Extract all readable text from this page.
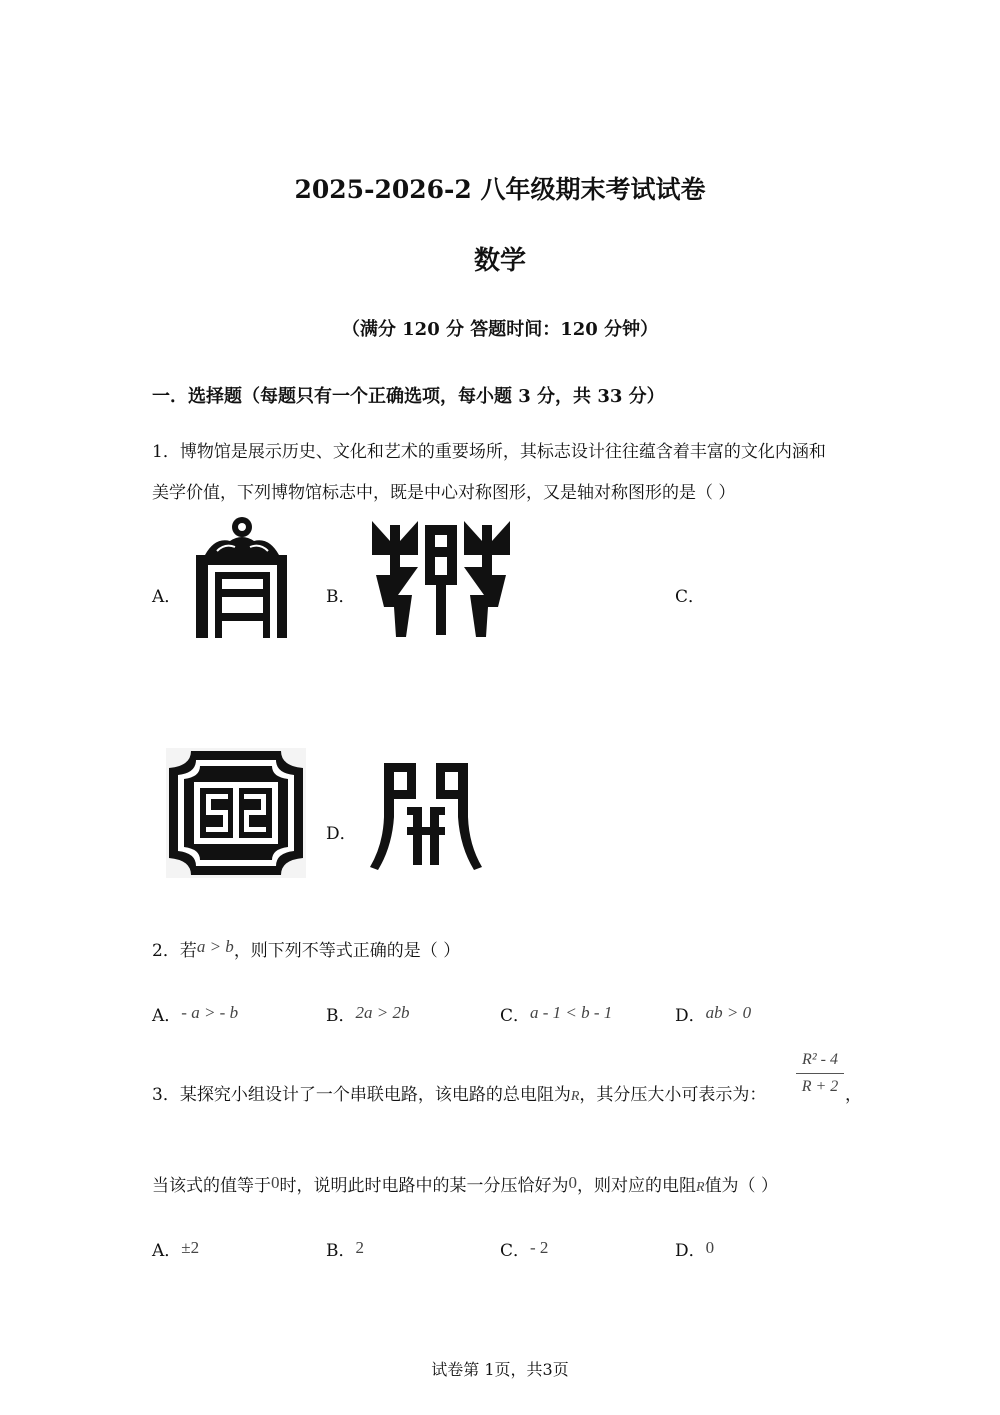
2025-2026-2 八年级期末考试试卷
数学
（满分 120 分 答题时间：120 分钟）
一．选择题（每题只有一个正确选项，每小题 3 分，共 33 分）
1．博物馆是展示历史、文化和艺术的重要场所，其标志设计往往蕴含着丰富的文化内涵和
美学价值，下列博物馆标志中，既是中心对称图形，又是轴对称图形的是（ ）
A．	B．	C．
D．
2．若a > b，则下列不等式正确的是（ ）
A．- a > - b	B．2a > 2b	C．a - 1 < b - 1	D．ab > 0
3．某探究小组设计了一个串联电路，该电路的总电阻为R，其分压大小可表示为：
R² - 4
R + 2 ，
当该式的值等于0时，说明此时电路中的某一分压恰好为0，则对应的电阻R值为（ ）
A．±2	B．2	C．- 2	D．0
试卷第 1页，共3页
